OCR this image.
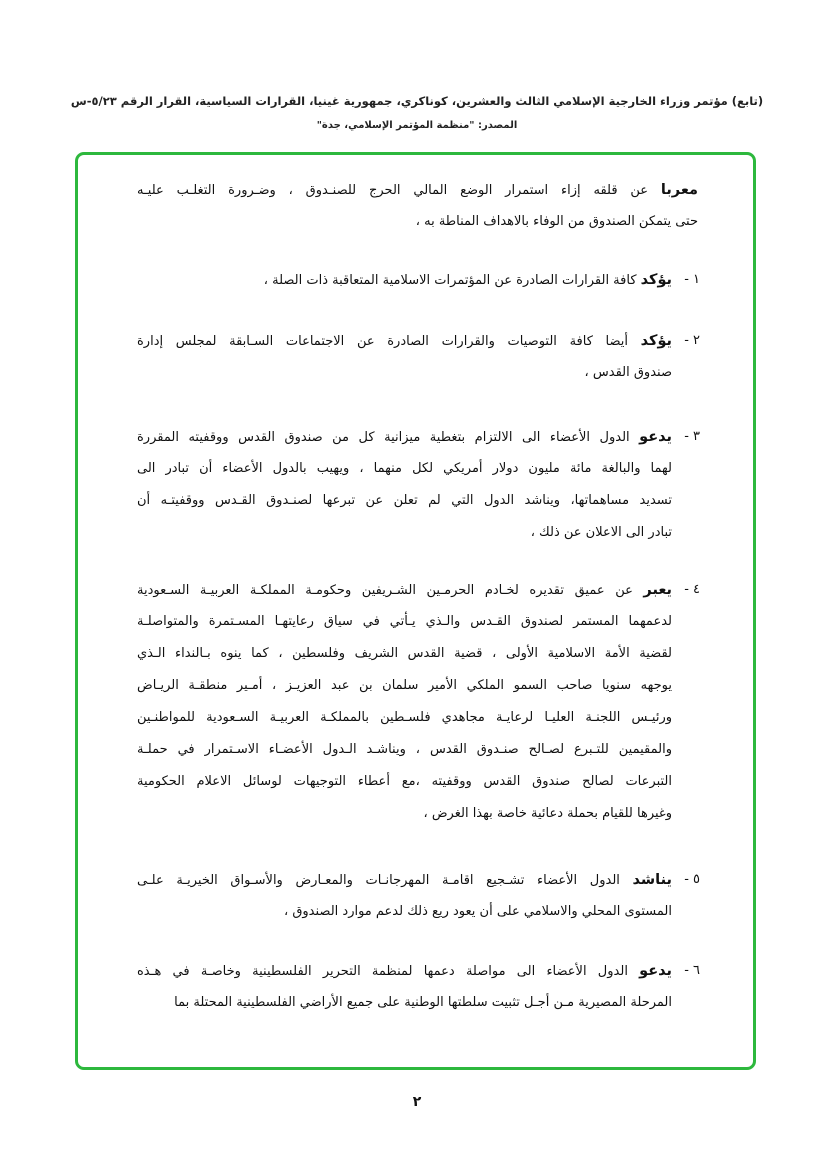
(تابع) مؤتمر وزراء الخارجية الإسلامي الثالث والعشرين، كوناكري، جمهورية غينيا، القرارات السياسية، القرار الرقم ٥/٢٣-س
المصدر: "منظمة المؤتمر الإسلامي، جدة"
معربا عن قلقه إزاء استمرار الوضع المالي الحرج للصنـدوق ، وضـرورة التغلـب عليـه
حتى يتمكن الصندوق من الوفاء بالاهداف المناطة به ،
١ -
يؤكد كافة القرارات الصادرة عن المؤتمرات الاسلامية المتعاقبة ذات الصلة ،
٢ -
يؤكد أيضا كافة التوصيات والقرارات الصادرة عن الاجتماعات السـابقة لمجلس إدارة
صندوق القدس ،
٣ -
يدعو الدول الأعضاء الى الالتزام بتغطية ميزانية كل من صندوق القدس ووقفيته المقررة
لهما والبالغة مائة مليون دولار أمريكي لكل منهما ، ويهيب بالدول الأعضاء أن تبادر الى
تسديد مساهماتها، ويناشد الدول التي لم تعلن عن تبرعها لصنـدوق القـدس ووقفيتـه أن
تبادر الى الاعلان عن ذلك ،
٤ -
يعبر عن عميق تقديره لخـادم الحرمـين الشـريفين وحكومـة المملكـة العربيـة السـعودية
لدعمهما المستمر لصندوق القـدس والـذي يـأتي في سياق رعايتهـا المسـتمرة والمتواصلـة
لقضية الأمة الاسلامية الأولى ، قضية القدس الشريف وفلسطين ، كما ينوه بـالنداء الـذي
يوجهه سنويا صاحب السمو الملكي الأمير سلمان بن عبد العزيـز ، أمـير منطقـة الريـاض
ورئيـس اللجنـة العليـا لرعايـة مجاهدي فلسـطين بالمملكـة العربيـة السـعودية للمواطنـين
والمقيمين للتـبرع لصـالح صنـدوق القدس ، ويناشـد الـدول الأعضـاء الاسـتمرار في حملـة
التبرعات لصالح صندوق القدس ووقفيته ،مع أعطاء التوجيهات لوسائل الاعلام الحكومية
وغيرها للقيام بحملة دعائية خاصة بهذا الغرض ،
٥ -
يناشد الدول الأعضاء تشـجيع اقامـة المهرجانـات والمعـارض والأسـواق الخيريـة علـى
المستوى المحلي والاسلامي على أن يعود ريع ذلك لدعم موارد الصندوق ،
٦ -
يدعو الدول الأعضاء الى مواصلة دعمها لمنظمة التحرير الفلسطينية وخاصـة في هـذه
المرحلة المصيرية مـن أجـل تثبيت سلطتها الوطنية على جميع الأراضي الفلسطينية المحتلة بما
٢
